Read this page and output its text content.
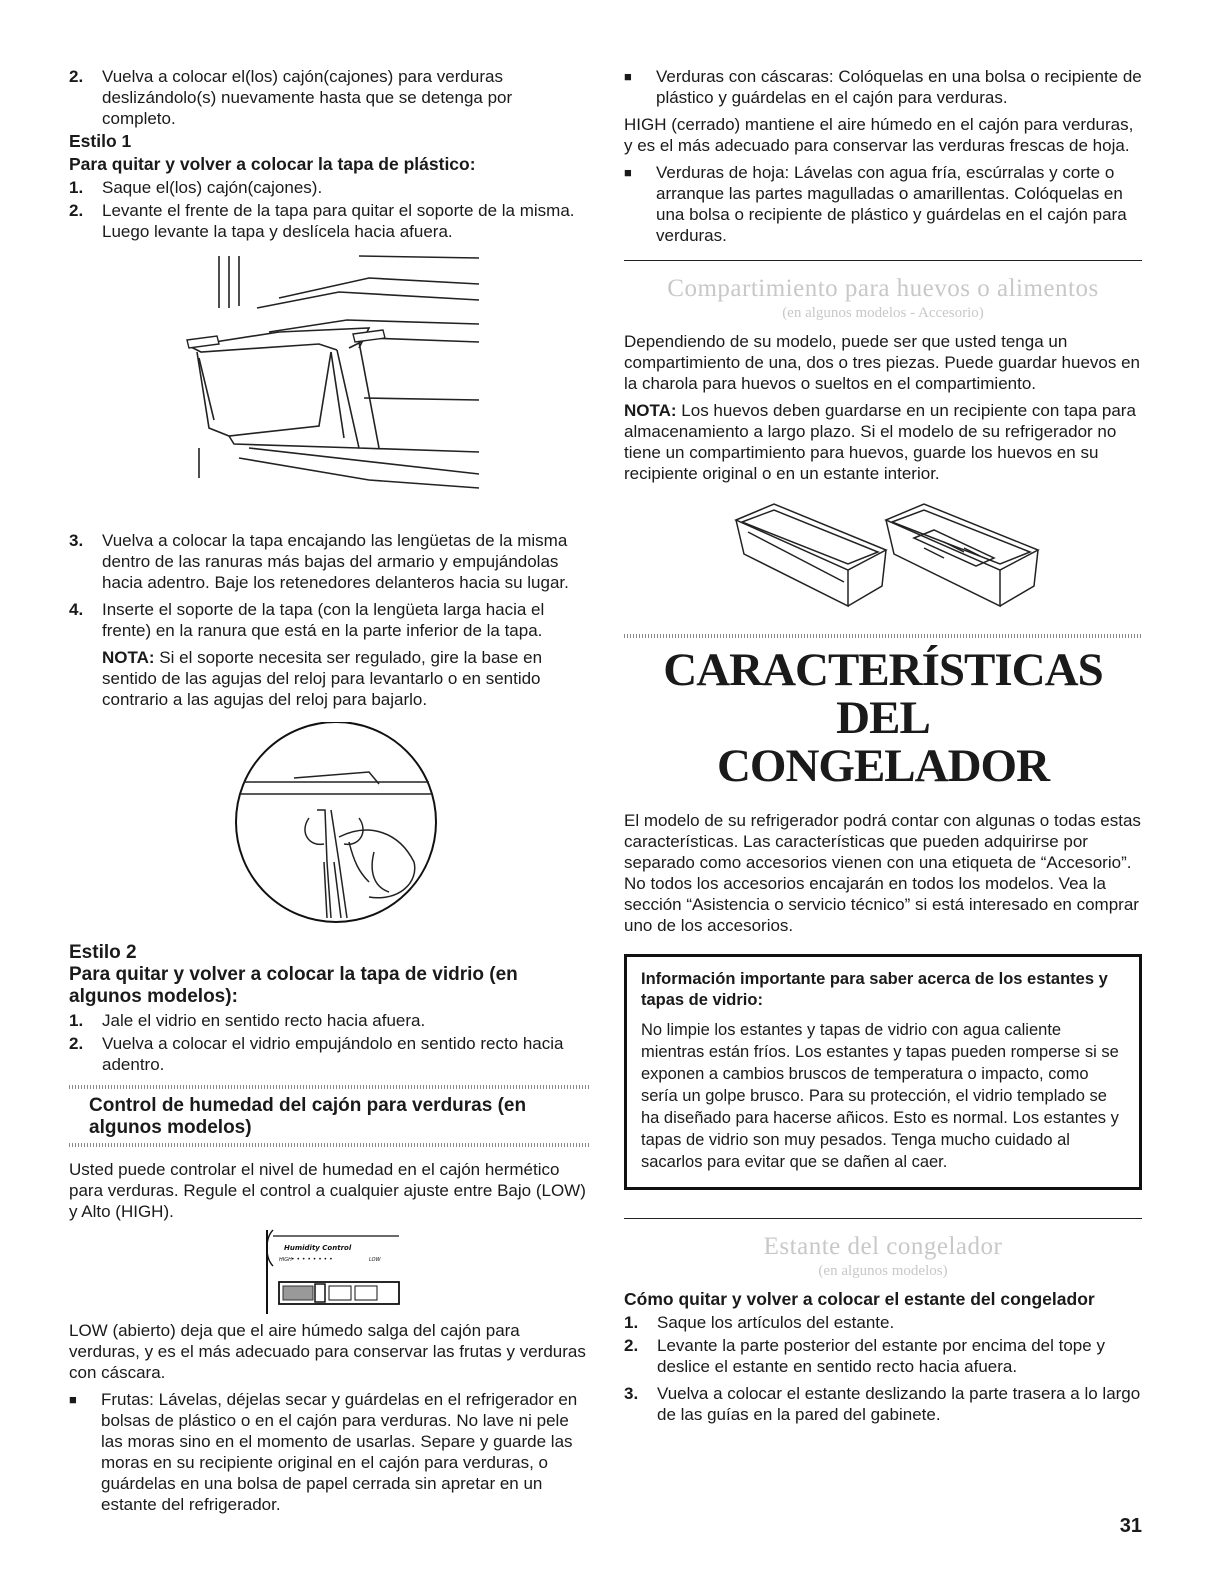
2.	Vuelva a colocar el(los) cajón(cajones) para verduras deslizándolo(s) nuevamente hasta que se detenga por completo.
Estilo 1
Para quitar y volver a colocar la tapa de plástico:
1.	Saque el(los) cajón(cajones).
2.	Levante el frente de la tapa para quitar el soporte de la misma. Luego levante la tapa y deslícela hacia afuera.
3.	Vuelva a colocar la tapa encajando las lengüetas de la misma dentro de las ranuras más bajas del armario y empujándolas hacia adentro. Baje los retenedores delanteros hacia su lugar.
4.	Inserte el soporte de la tapa (con la lengüeta larga hacia el frente) en la ranura que está en la parte inferior de la tapa.

NOTA: Si el soporte necesita ser regulado, gire la base en sentido de las agujas del reloj para levantarlo o en sentido contrario a las agujas del reloj para bajarlo.

Estilo 2
Para quitar y volver a colocar la tapa de vidrio (en algunos modelos):
1.	Jale el vidrio en sentido recto hacia afuera.
2.	Vuelva a colocar el vidrio empujándolo en sentido recto hacia adentro.
Control de humedad del cajón para verduras (en algunos modelos)

Usted puede controlar el nivel de humedad en el cajón hermético para verduras. Regule el control a cualquier ajuste entre Bajo (LOW) y Alto (HIGH).

Humidity Control
HIGH • • • • • • • •	LOW

LOW (abierto) deja que el aire húmedo salga del cajón para verduras, y es el más adecuado para conservar las frutas y verduras con cáscara.

■	Frutas: Lávelas, déjelas secar y guárdelas en el refrigerador en bolsas de plástico o en el cajón para verduras. No lave ni pele las moras sino en el momento de usarlas. Separe y guarde las moras en su recipiente original en el cajón para verduras, o guárdelas en una bolsa de papel cerrada sin apretar en un estante del refrigerador.
■	Verduras con cáscaras: Colóquelas en una bolsa o recipiente de plástico y guárdelas en el cajón para verduras.

HIGH (cerrado) mantiene el aire húmedo en el cajón para verduras, y es el más adecuado para conservar las verduras frescas de hoja.

■	Verduras de hoja: Lávelas con agua fría, escúrralas y corte o arranque las partes magulladas o amarillentas. Colóquelas en una bolsa o recipiente de plástico y guárdelas en el cajón para verduras.
Compartimiento para huevos o alimentos
(en algunos modelos - Accesorio)

Dependiendo de su modelo, puede ser que usted tenga un compartimiento de una, dos o tres piezas. Puede guardar huevos en la charola para huevos o sueltos en el compartimiento.

NOTA: Los huevos deben guardarse en un recipiente con tapa para almacenamiento a largo plazo. Si el modelo de su refrigerador no tiene un compartimiento para huevos, guarde los huevos en su recipiente original o en un estante interior.

CARACTERÍSTICAS DEL
CONGELADOR

El modelo de su refrigerador podrá contar con algunas o todas estas características. Las características que pueden adquirirse por separado como accesorios vienen con una etiqueta de “Accesorio”. No todos los accesorios encajarán en todos los modelos. Vea la sección “Asistencia o servicio técnico” si está interesado en comprar uno de los accesorios.

Información importante para saber acerca de los estantes y tapas de vidrio:

No limpie los estantes y tapas de vidrio con agua caliente mientras están fríos. Los estantes y tapas pueden romperse si se exponen a cambios bruscos de temperatura o impacto, como sería un golpe brusco. Para su protección, el vidrio templado se ha diseñado para hacerse añicos. Esto es normal. Los estantes y tapas de vidrio son muy pesados. Tenga mucho cuidado al sacarlos para evitar que se dañen al caer.

Estante del congelador
(en algunos modelos)
Cómo quitar y volver a colocar el estante del congelador
1.	Saque los artículos del estante.
2.	Levante la parte posterior del estante por encima del tope y deslice el estante en sentido recto hacia afuera.
3.	Vuelva a colocar el estante deslizando la parte trasera a lo largo de las guías en la pared del gabinete.
31
